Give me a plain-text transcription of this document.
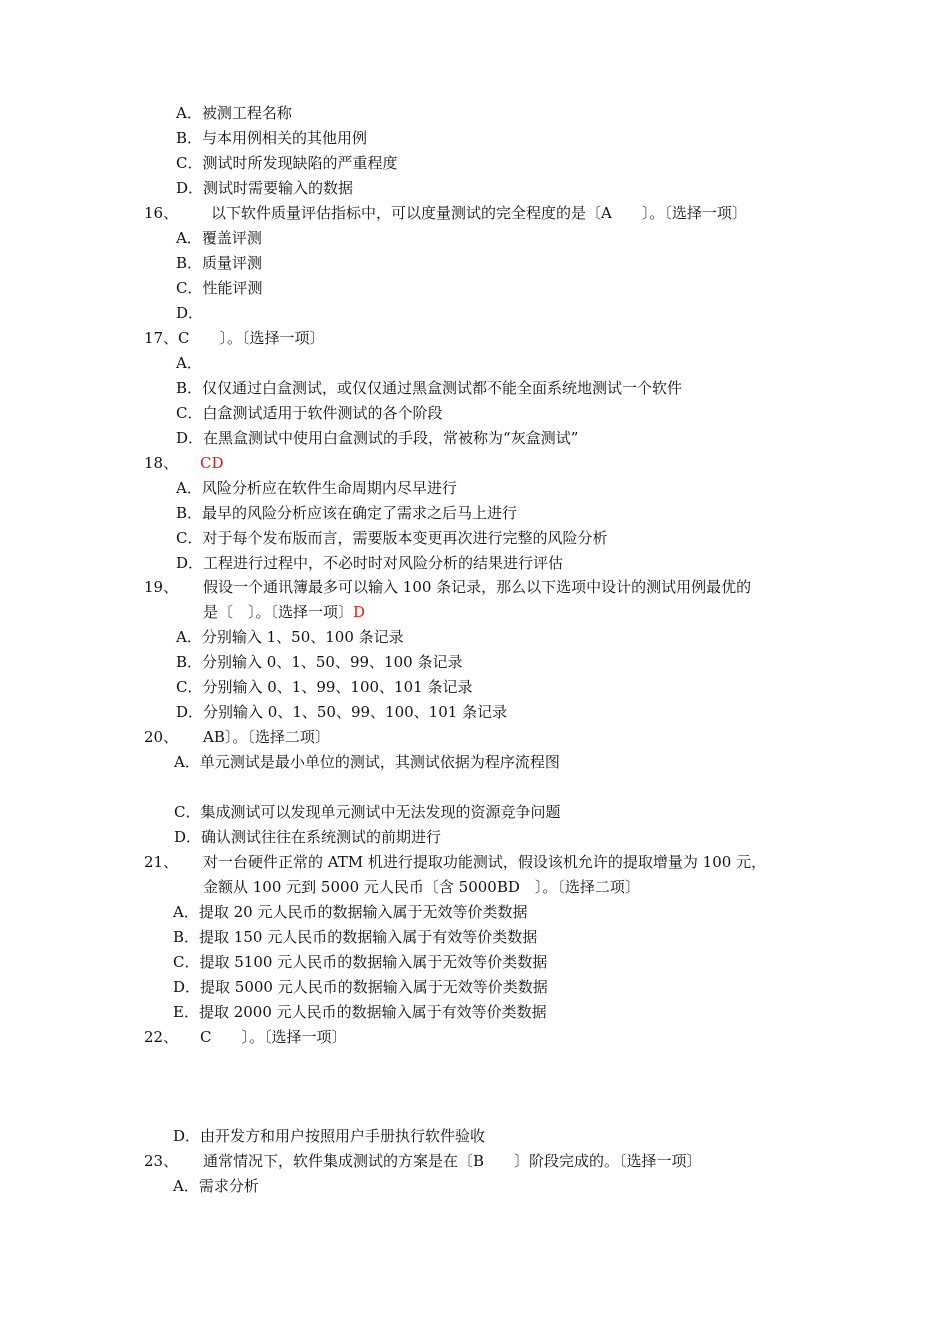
A．被测工程名称
B．与本用例相关的其他用例
C．测试时所发现缺陷的严重程度
D．测试时需要输入的数据
16、 以下软件质量评估指标中，可以度量测试的完全程度的是〔A　　〕。〔选择一项〕
A．覆盖评测
B．质量评测
C．性能评测
D．
17、 C　　〕。〔选择一项〕
A．
B．仅仅通过白盒测试，或仅仅通过黑盒测试都不能全面系统地测试一个软件
C．白盒测试适用于软件测试的各个阶段
D．在黑盒测试中使用白盒测试的手段，常被称为“灰盒测试”
18、 CD
A．风险分析应在软件生命周期内尽早进行
B．最早的风险分析应该在确定了需求之后马上进行
C．对于每个发布版而言，需要版本变更再次进行完整的风险分析
D．工程进行过程中，不必时时对风险分析的结果进行评估
19、 假设一个通讯簿最多可以输入 100 条记录，那么以下选项中设计的测试用例最优的
是〔　〕。〔选择一项〕D
A．分别输入 1、50、100 条记录
B．分别输入 0、1、50、99、100 条记录
C．分别输入 0、1、99、100、101 条记录
D．分别输入 0、1、50、99、100、101 条记录
20、 AB〕。〔选择二项〕
A．单元测试是最小单位的测试，其测试依据为程序流程图
C．集成测试可以发现单元测试中无法发现的资源竞争问题
D．确认测试往往在系统测试的前期进行
21、 对一台硬件正常的 ATM 机进行提取功能测试，假设该机允许的提取增量为 100 元，
金额从 100 元到 5000 元人民币〔含 5000BD　〕。〔选择二项〕
A．提取 20 元人民币的数据输入属于无效等价类数据
B．提取 150 元人民币的数据输入属于有效等价类数据
C．提取 5100 元人民币的数据输入属于无效等价类数据
D．提取 5000 元人民币的数据输入属于无效等价类数据
E．提取 2000 元人民币的数据输入属于有效等价类数据
22、 C　　〕。〔选择一项〕
D．由开发方和用户按照用户手册执行软件验收
23、 通常情况下，软件集成测试的方案是在〔B　　〕阶段完成的。〔选择一项〕
A．需求分析
